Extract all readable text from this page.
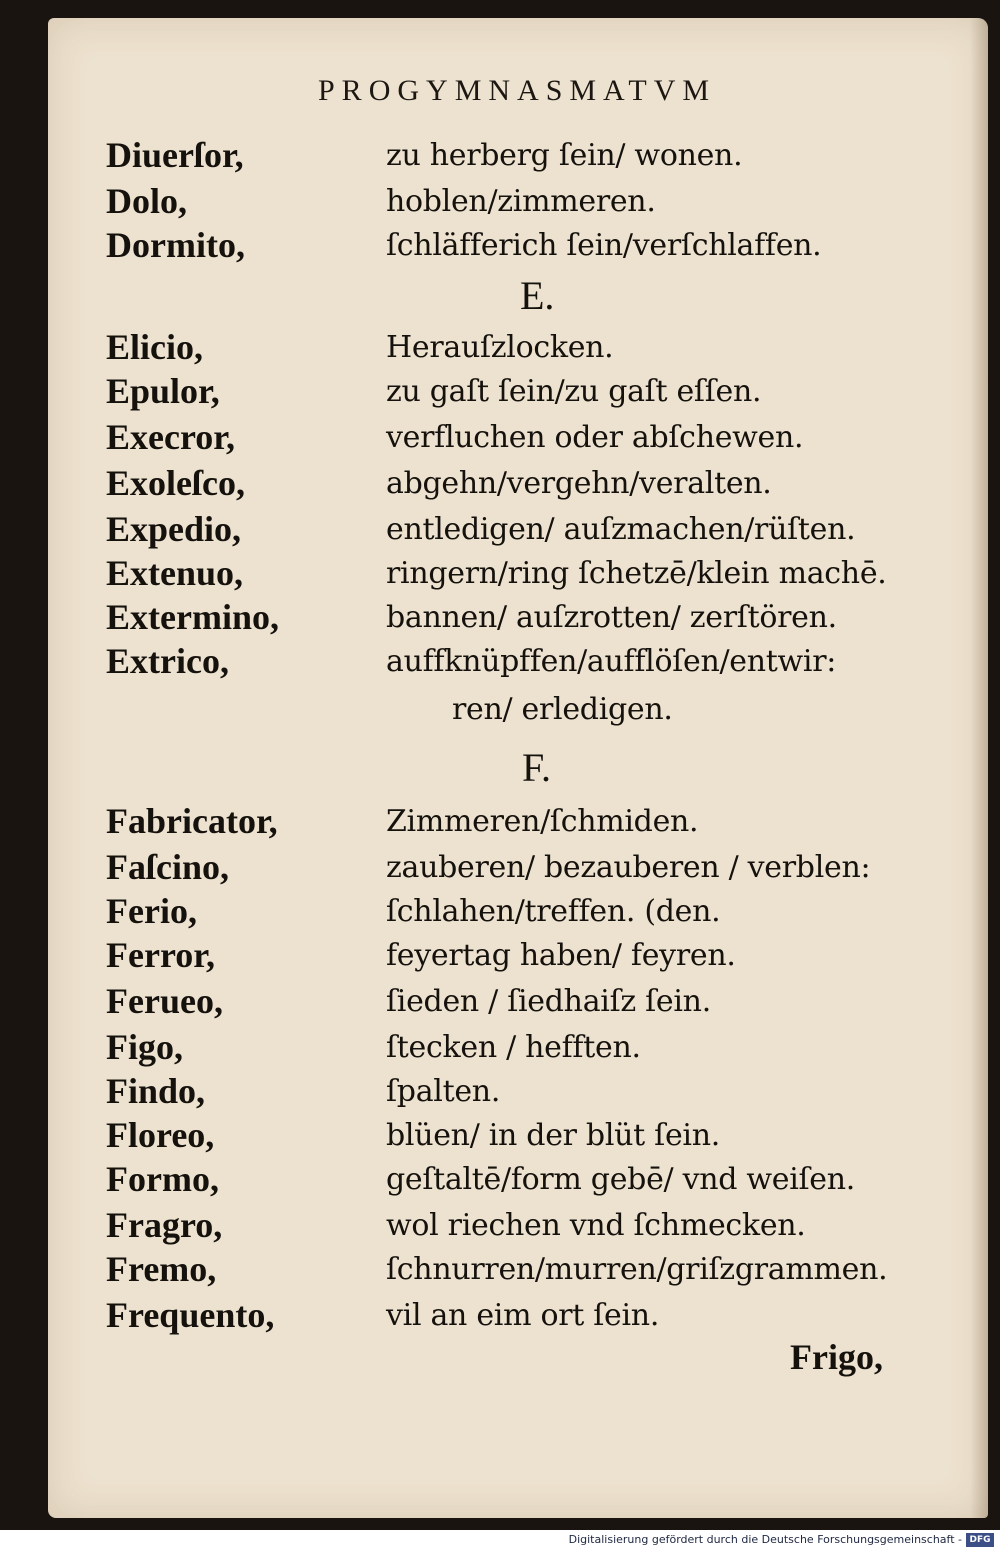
PROGYMNASMATVM
Diuerſor,	zu herberg ſein/ wonen.
Dolo,	hoblen/zimmeren.
Dormito,	ſchläfferich ſein/verſchlaffen.
E.
Elicio,	Herauſzlocken.
Epulor,	zu gaſt ſein/zu gaſt eſſen.
Execror,	verfluchen oder abſchewen.
Exoleſco,	abgehn/vergehn/veralten.
Expedio,	entledigen/ auſzmachen/rüſten.
Extenuo,	ringern/ring ſchetzē/klein machē.
Extermino,	bannen/ auſzrotten/ zerſtören.
Extrico,	auffknüpffen/aufflöſen/entwir:
ren/ erledigen.
F.
Fabricator,	Zimmeren/ſchmiden.
Faſcino,	zauberen/ bezauberen / verblen:
Ferio,	ſchlahen/treffen. (den.
Ferror,	feyertag haben/ feyren.
Ferueo,	ſieden / ſiedhaiſz ſein.
Figo,	ſtecken / hefften.
Findo,	ſpalten.
Floreo,	blüen/ in der blüt ſein.
Formo,	geſtaltē/form gebē/ vnd weiſen.
Fragro,	wol riechen vnd ſchmecken.
Fremo,	ſchnurren/murren/griſzgrammen.
Frequento,	vil an eim ort ſein.
Frigo,
Digitalisierung gefördert durch die Deutsche Forschungsgemeinschaft - DFG
